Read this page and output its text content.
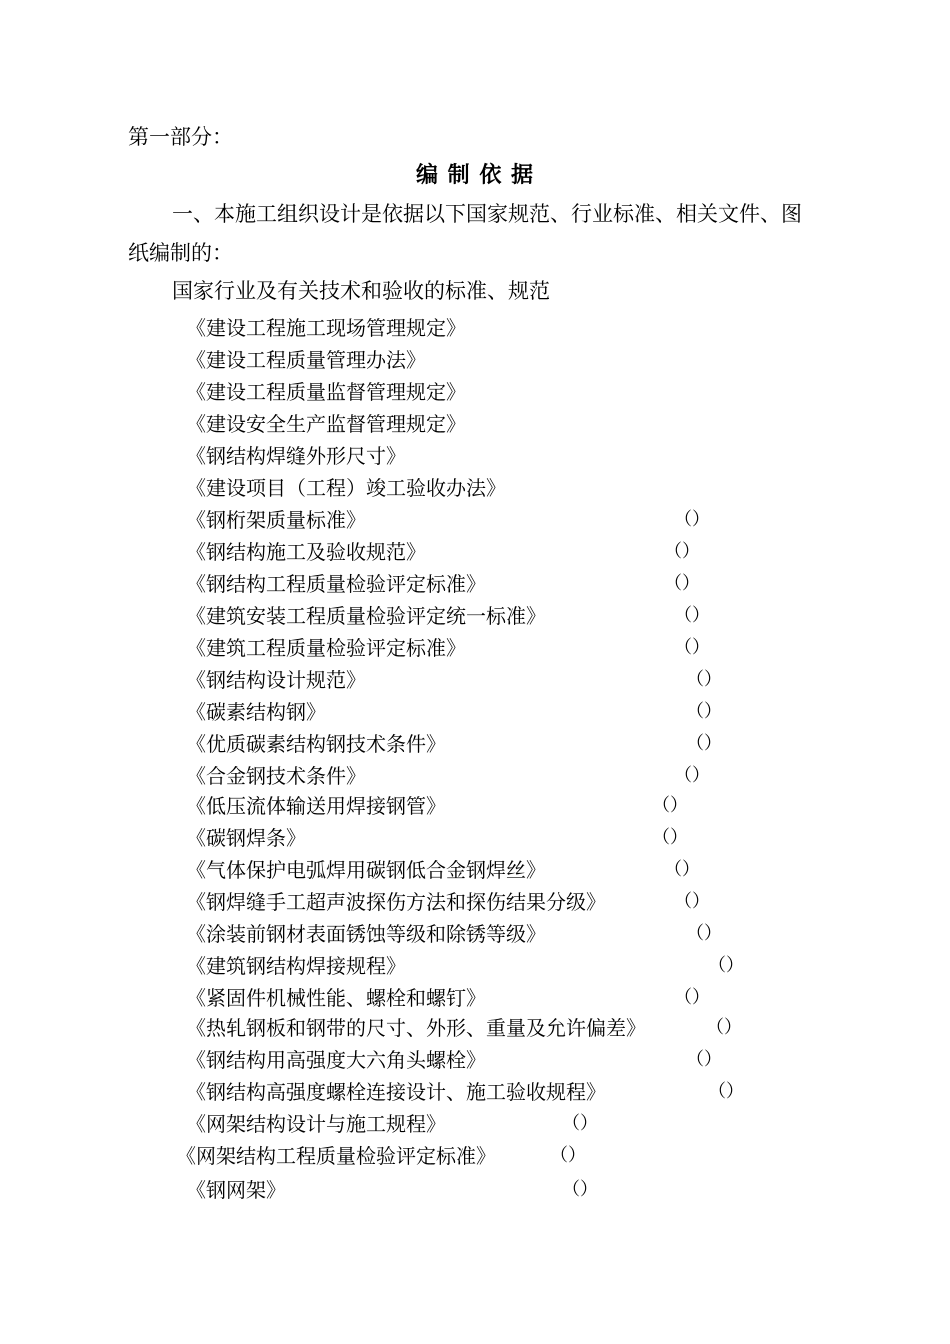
第一部分：
编 制 依 据
一、本施工组织设计是依据以下国家规范、行业标准、相关文件、图
纸编制的：
国家行业及有关技术和验收的标准、规范
《建设工程施工现场管理规定》
《建设工程质量管理办法》
《建设工程质量监督管理规定》
《建设安全生产监督管理规定》
《钢结构焊缝外形尺寸》
《建设项目（工程）竣工验收办法》
《钢桁架质量标准》	（）
《钢结构施工及验收规范》	（）
《钢结构工程质量检验评定标准》	（）
《建筑安装工程质量检验评定统一标准》	（）
《建筑工程质量检验评定标准》	（）
《钢结构设计规范》	（）
《碳素结构钢》	（）
《优质碳素结构钢技术条件》	（）
《合金钢技术条件》	（）
《低压流体输送用焊接钢管》	（）
《碳钢焊条》	（）
《气体保护电弧焊用碳钢低合金钢焊丝》	（）
《钢焊缝手工超声波探伤方法和探伤结果分级》	（）
《涂装前钢材表面锈蚀等级和除锈等级》	（）
《建筑钢结构焊接规程》	（）
《紧固件机械性能、螺栓和螺钉》	（）
《热轧钢板和钢带的尺寸、外形、重量及允许偏差》	（）
《钢结构用高强度大六角头螺栓》	（）
《钢结构高强度螺栓连接设计、施工验收规程》	（）
《网架结构设计与施工规程》	（）
《网架结构工程质量检验评定标准》	（）
《钢网架》	（）
